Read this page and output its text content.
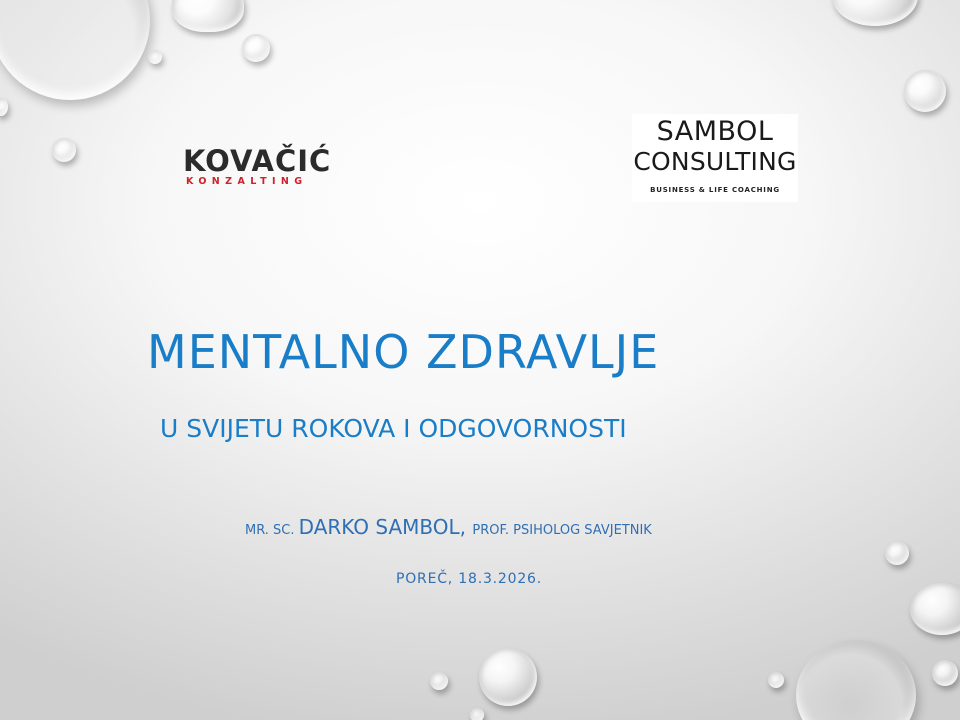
KOVAČIĆ
KONZALTING
SAMBOL
CONSULTING
BUSINESS & LIFE COACHING
MENTALNO ZDRAVLJE
U SVIJETU ROKOVA I ODGOVORNOSTI
MR. SC. DARKO SAMBOL, PROF. PSIHOLOG SAVJETNIK
POREČ, 18.3.2026.
